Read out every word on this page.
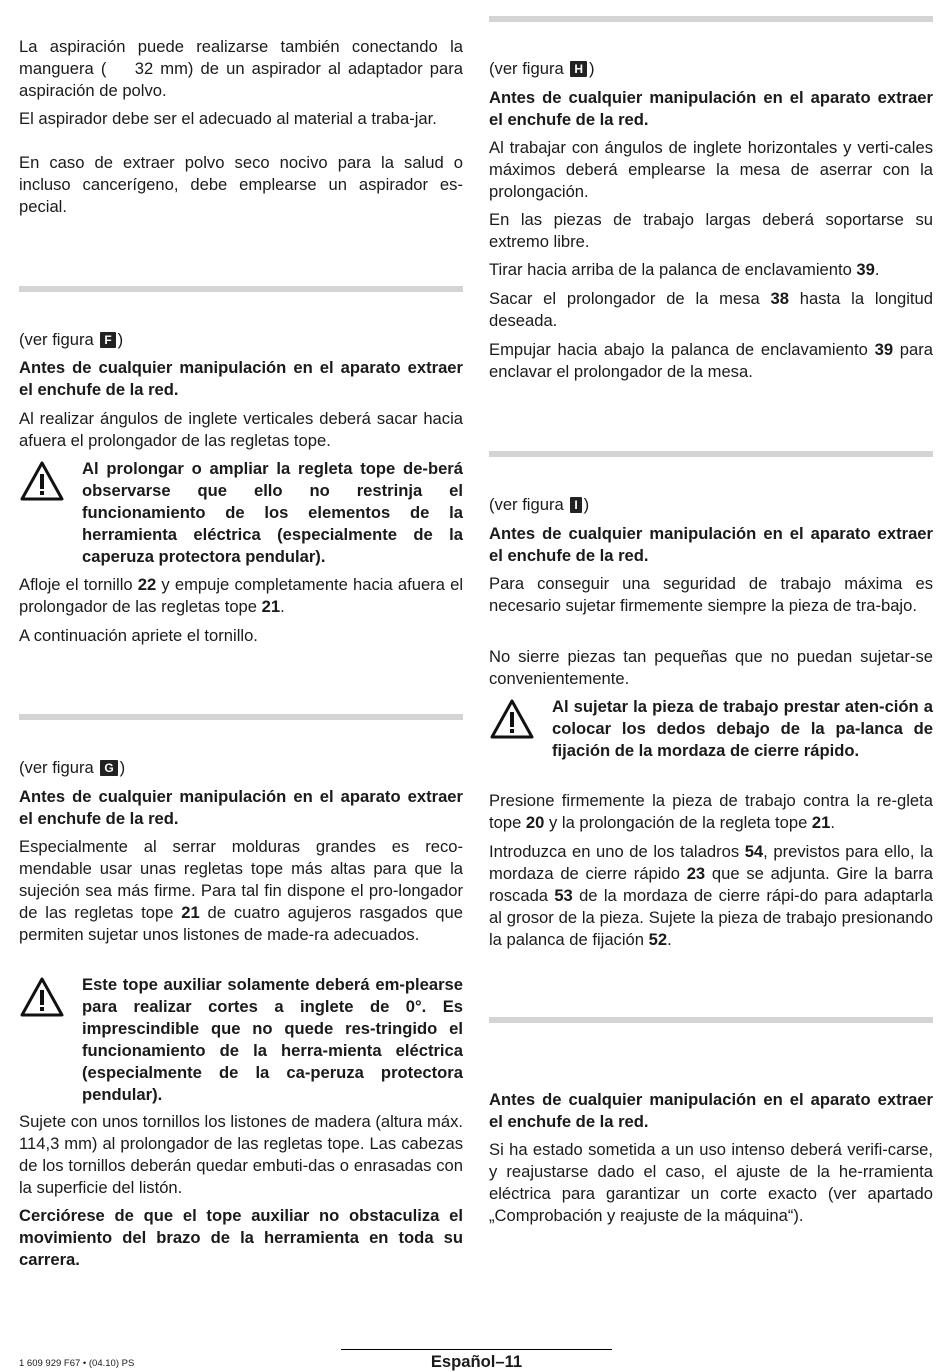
La aspiración puede realizarse también conectando la manguera (    32 mm) de un aspirador al adaptador para aspiración de polvo.

El aspirador debe ser el adecuado al material a traba-jar.

En caso de extraer polvo seco nocivo para la salud o incluso cancerígeno, debe emplearse un aspirador es-pecial.

(ver figura F )

Antes de cualquier manipulación en el aparato extraer el enchufe de la red.

Al realizar ángulos de inglete verticales deberá sacar hacia afuera el prolongador de las regletas tope.

Al prolongar o ampliar la regleta tope de-berá observarse que ello no restrinja el funcionamiento de los elementos de la herramienta eléctrica (especialmente de la caperuza protectora pendular).

Afloje el tornillo 22 y empuje completamente hacia afuera el prolongador de las regletas tope 21.

A continuación apriete el tornillo.

(ver figura G )

Antes de cualquier manipulación en el aparato extraer el enchufe de la red.

Especialmente al serrar molduras grandes es reco-mendable usar unas regletas tope más altas para que la sujeción sea más firme. Para tal fin dispone el pro-longador de las regletas tope 21 de cuatro agujeros rasgados que permiten sujetar unos listones de made-ra adecuados.

Este tope auxiliar solamente deberá em-plearse para realizar cortes a inglete de 0°. Es imprescindible que no quede res-tringido el funcionamiento de la herra-mienta eléctrica (especialmente de la ca-peruza protectora pendular).

Sujete con unos tornillos los listones de madera (altura máx. 114,3 mm) al prolongador de las regletas tope. Las cabezas de los tornillos deberán quedar embuti-das o enrasadas con la superficie del listón.

Cerciórese de que el tope auxiliar no obstaculiza el movimiento del brazo de la herramienta en toda su carrera.

(ver figura H )

Antes de cualquier manipulación en el aparato extraer el enchufe de la red.

Al trabajar con ángulos de inglete horizontales y verti-cales máximos deberá emplearse la mesa de aserrar con la prolongación.

En las piezas de trabajo largas deberá soportarse su extremo libre.

Tirar hacia arriba de la palanca de enclavamiento 39.

Sacar el prolongador de la mesa 38 hasta la longitud deseada.

Empujar hacia abajo la palanca de enclavamiento 39 para enclavar el prolongador de la mesa.

(ver figura I )

Antes de cualquier manipulación en el aparato extraer el enchufe de la red.

Para conseguir una seguridad de trabajo máxima es necesario sujetar firmemente siempre la pieza de tra-bajo.

No sierre piezas tan pequeñas que no puedan sujetar-se convenientemente.

Al sujetar la pieza de trabajo prestar aten-ción a colocar los dedos debajo de la pa-lanca de fijación de la mordaza de cierre rápido.

Presione firmemente la pieza de trabajo contra la re-gleta tope 20 y la prolongación de la regleta tope 21.

Introduzca en uno de los taladros 54, previstos para ello, la mordaza de cierre rápido 23 que se adjunta. Gire la barra roscada 53 de la mordaza de cierre rápi-do para adaptarla al grosor de la pieza. Sujete la pieza de trabajo presionando la palanca de fijación 52.

Antes de cualquier manipulación en el aparato extraer el enchufe de la red.

Si ha estado sometida a un uso intenso deberá verifi-carse, y reajustarse dado el caso, el ajuste de la he-rramienta eléctrica para garantizar un corte exacto (ver apartado „Comprobación y reajuste de la máquina“).

Español–11
1 609 929 F67 • (04.10) PS
